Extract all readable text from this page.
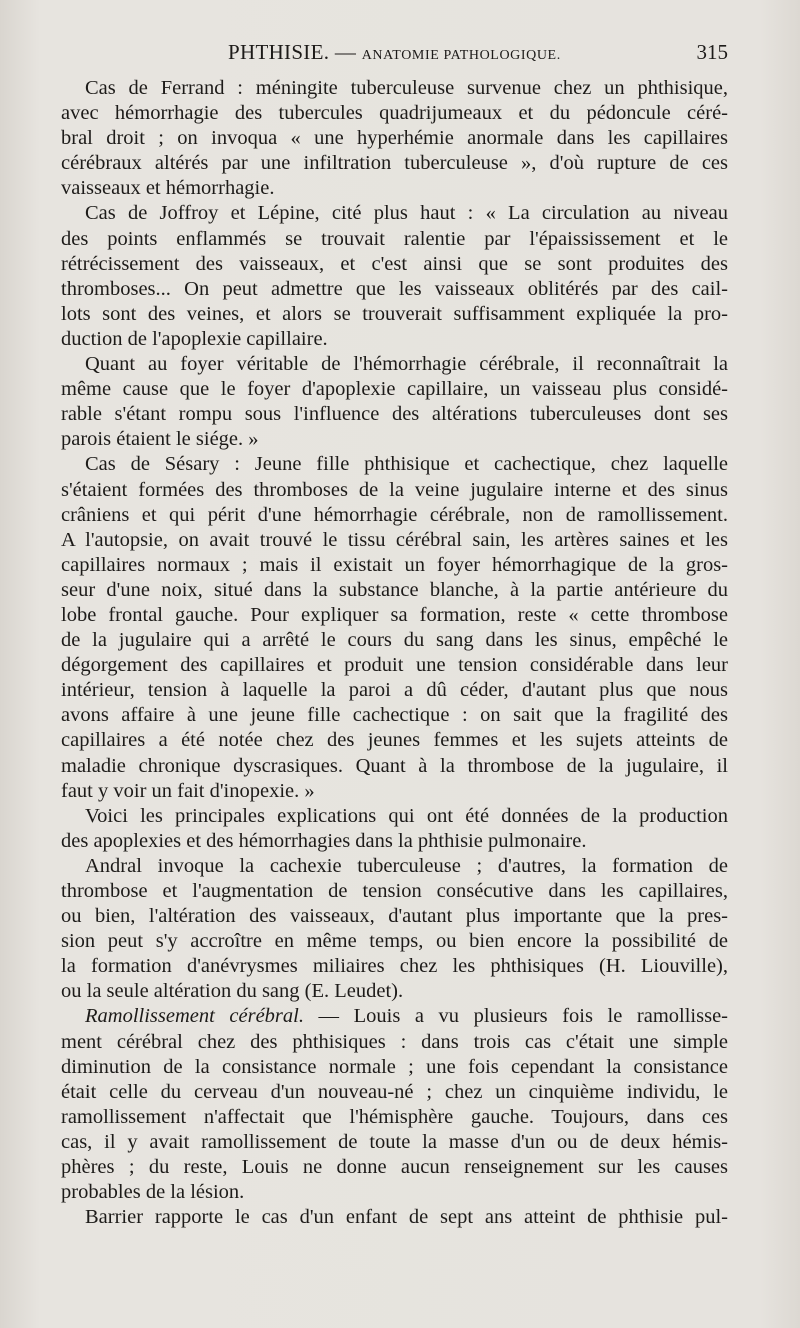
PHTHISIE. — ANATOMIE PATHOLOGIQUE.	315
Cas de Ferrand : méningite tuberculeuse survenue chez un phthisique,
avec hémorrhagie des tubercules quadrijumeaux et du pédoncule céré-
bral droit ; on invoqua « une hyperhémie anormale dans les capillaires
cérébraux altérés par une infiltration tuberculeuse », d'où rupture de ces
vaisseaux et hémorrhagie.
Cas de Joffroy et Lépine, cité plus haut : « La circulation au niveau
des points enflammés se trouvait ralentie par l'épaississement et le
rétrécissement des vaisseaux, et c'est ainsi que se sont produites des
thromboses... On peut admettre que les vaisseaux oblitérés par des cail-
lots sont des veines, et alors se trouverait suffisamment expliquée la pro-
duction de l'apoplexie capillaire.
Quant au foyer véritable de l'hémorrhagie cérébrale, il reconnaîtrait la
même cause que le foyer d'apoplexie capillaire, un vaisseau plus considé-
rable s'étant rompu sous l'influence des altérations tuberculeuses dont ses
parois étaient le siége. »
Cas de Sésary : Jeune fille phthisique et cachectique, chez laquelle
s'étaient formées des thromboses de la veine jugulaire interne et des sinus
crâniens et qui périt d'une hémorrhagie cérébrale, non de ramollissement.
A l'autopsie, on avait trouvé le tissu cérébral sain, les artères saines et les
capillaires normaux ; mais il existait un foyer hémorrhagique de la gros-
seur d'une noix, situé dans la substance blanche, à la partie antérieure du
lobe frontal gauche. Pour expliquer sa formation, reste « cette thrombose
de la jugulaire qui a arrêté le cours du sang dans les sinus, empêché le
dégorgement des capillaires et produit une tension considérable dans leur
intérieur, tension à laquelle la paroi a dû céder, d'autant plus que nous
avons affaire à une jeune fille cachectique : on sait que la fragilité des
capillaires a été notée chez des jeunes femmes et les sujets atteints de
maladie chronique dyscrasiques. Quant à la thrombose de la jugulaire, il
faut y voir un fait d'inopexie. »
Voici les principales explications qui ont été données de la production
des apoplexies et des hémorrhagies dans la phthisie pulmonaire.
Andral invoque la cachexie tuberculeuse ; d'autres, la formation de
thrombose et l'augmentation de tension consécutive dans les capillaires,
ou bien, l'altération des vaisseaux, d'autant plus importante que la pres-
sion peut s'y accroître en même temps, ou bien encore la possibilité de
la formation d'anévrysmes miliaires chez les phthisiques (H. Liouville),
ou la seule altération du sang (E. Leudet).
Ramollissement cérébral. — Louis a vu plusieurs fois le ramollisse-
ment cérébral chez des phthisiques : dans trois cas c'était une simple
diminution de la consistance normale ; une fois cependant la consistance
était celle du cerveau d'un nouveau-né ; chez un cinquième individu, le
ramollissement n'affectait que l'hémisphère gauche. Toujours, dans ces
cas, il y avait ramollissement de toute la masse d'un ou de deux hémis-
phères ; du reste, Louis ne donne aucun renseignement sur les causes
probables de la lésion.
Barrier rapporte le cas d'un enfant de sept ans atteint de phthisie pul-
